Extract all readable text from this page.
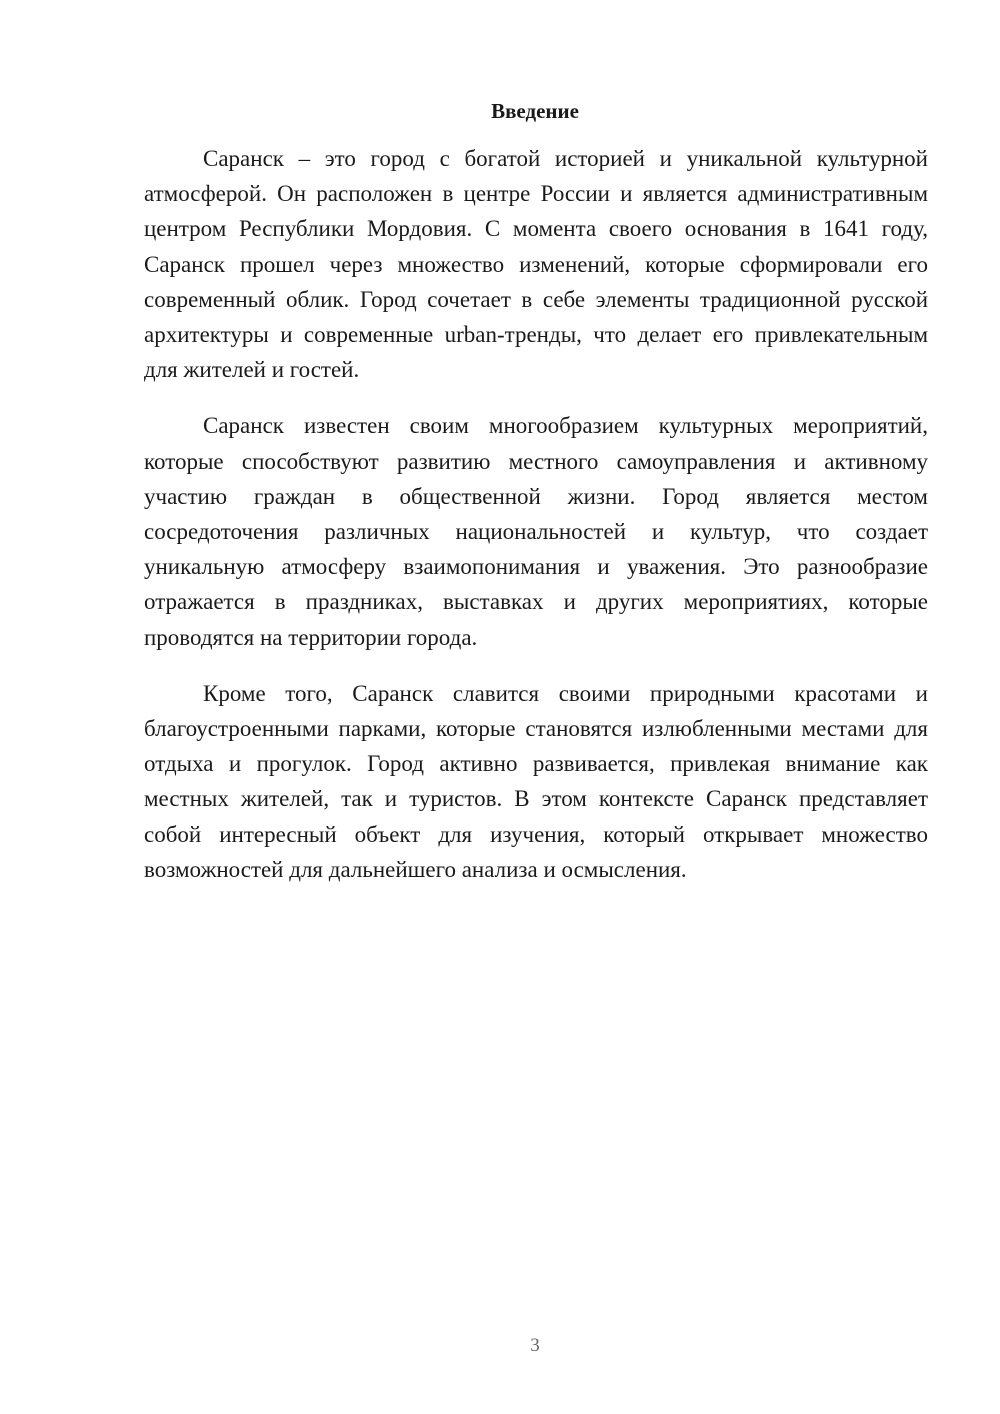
Введение

Саранск – это город с богатой историей и уникальной культурной атмосферой. Он расположен в центре России и является административным центром Республики Мордовия. С момента своего основания в 1641 году, Саранск прошел через множество изменений, которые сформировали его современный облик. Город сочетает в себе элементы традиционной русской архитектуры и современные urban-тренды, что делает его привлекательным для жителей и гостей.

Саранск известен своим многообразием культурных мероприятий, которые способствуют развитию местного самоуправления и активному участию граждан в общественной жизни. Город является местом сосредоточения различных национальностей и культур, что создает уникальную атмосферу взаимопонимания и уважения. Это разнообразие отражается в праздниках, выставках и других мероприятиях, которые проводятся на территории города.

Кроме того, Саранск славится своими природными красотами и благоустроенными парками, которые становятся излюбленными местами для отдыха и прогулок. Город активно развивается, привлекая внимание как местных жителей, так и туристов. В этом контексте Саранск представляет собой интересный объект для изучения, который открывает множество возможностей для дальнейшего анализа и осмысления.

3
